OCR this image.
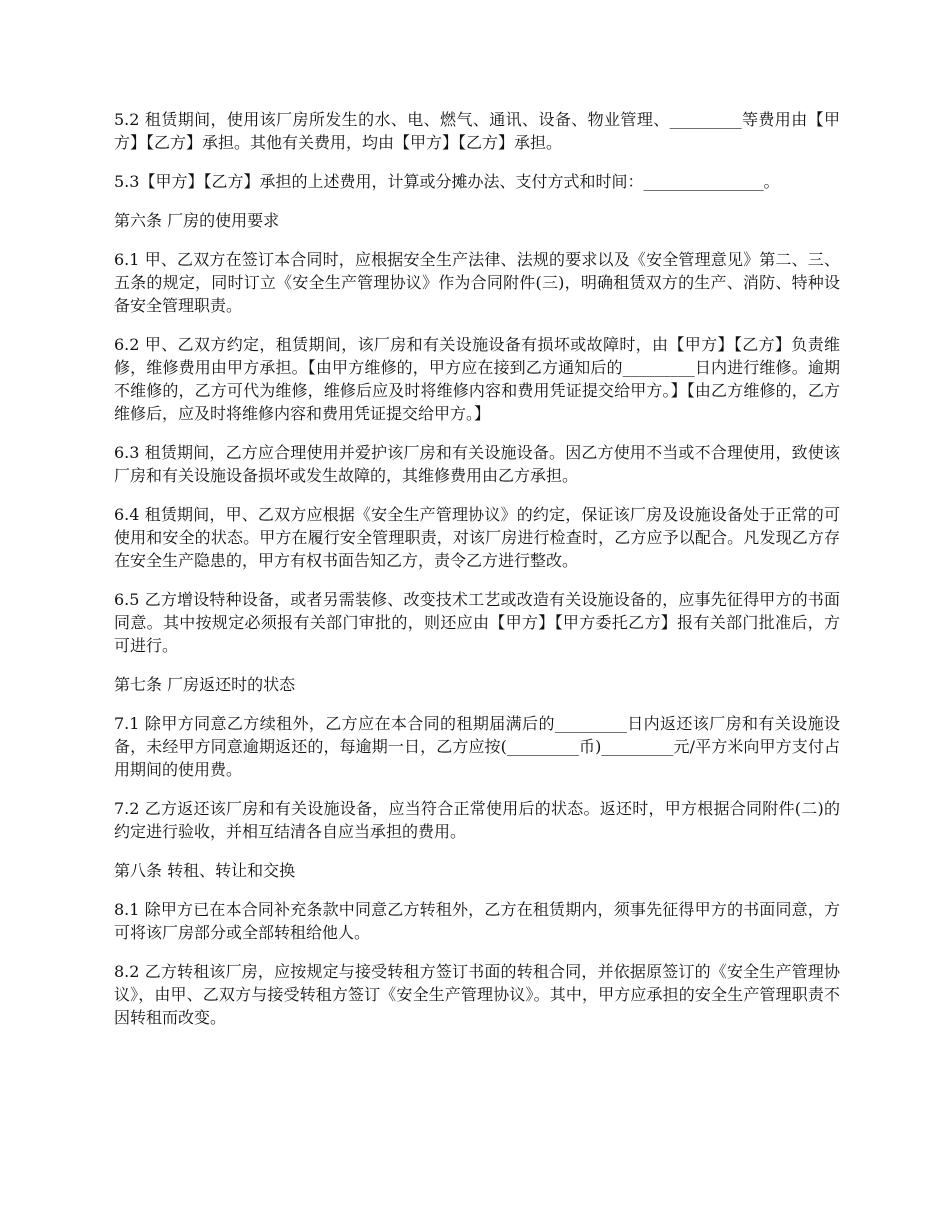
5.2 租赁期间，使用该厂房所发生的水、电、燃气、通讯、设备、物业管理、_________等费用由【甲方】【乙方】承担。其他有关费用，均由【甲方】【乙方】承担。

5.3【甲方】【乙方】承担的上述费用，计算或分摊办法、支付方式和时间：_______________。

第六条 厂房的使用要求

6.1 甲、乙双方在签订本合同时，应根据安全生产法律、法规的要求以及《安全管理意见》第二、三、五条的规定，同时订立《安全生产管理协议》作为合同附件(三)，明确租赁双方的生产、消防、特种设备安全管理职责。

6.2 甲、乙双方约定，租赁期间，该厂房和有关设施设备有损坏或故障时，由【甲方】【乙方】负责维修，维修费用由甲方承担。【由甲方维修的，甲方应在接到乙方通知后的_________日内进行维修。逾期不维修的，乙方可代为维修，维修后应及时将维修内容和费用凭证提交给甲方。】【由乙方维修的，乙方维修后，应及时将维修内容和费用凭证提交给甲方。】

6.3 租赁期间，乙方应合理使用并爱护该厂房和有关设施设备。因乙方使用不当或不合理使用，致使该厂房和有关设施设备损坏或发生故障的，其维修费用由乙方承担。

6.4 租赁期间，甲、乙双方应根据《安全生产管理协议》的约定，保证该厂房及设施设备处于正常的可使用和安全的状态。甲方在履行安全管理职责，对该厂房进行检查时，乙方应予以配合。凡发现乙方存在安全生产隐患的，甲方有权书面告知乙方，责令乙方进行整改。

6.5 乙方增设特种设备，或者另需装修、改变技术工艺或改造有关设施设备的，应事先征得甲方的书面同意。其中按规定必须报有关部门审批的，则还应由【甲方】【甲方委托乙方】报有关部门批准后，方可进行。

第七条 厂房返还时的状态

7.1 除甲方同意乙方续租外，乙方应在本合同的租期届满后的_________日内返还该厂房和有关设施设备，未经甲方同意逾期返还的，每逾期一日，乙方应按(_________币)_________元/平方米向甲方支付占用期间的使用费。

7.2 乙方返还该厂房和有关设施设备，应当符合正常使用后的状态。返还时，甲方根据合同附件(二)的约定进行验收，并相互结清各自应当承担的费用。

第八条 转租、转让和交换

8.1 除甲方已在本合同补充条款中同意乙方转租外，乙方在租赁期内，须事先征得甲方的书面同意，方可将该厂房部分或全部转租给他人。

8.2 乙方转租该厂房，应按规定与接受转租方签订书面的转租合同，并依据原签订的《安全生产管理协议》，由甲、乙双方与接受转租方签订《安全生产管理协议》。其中，甲方应承担的安全生产管理职责不因转租而改变。
